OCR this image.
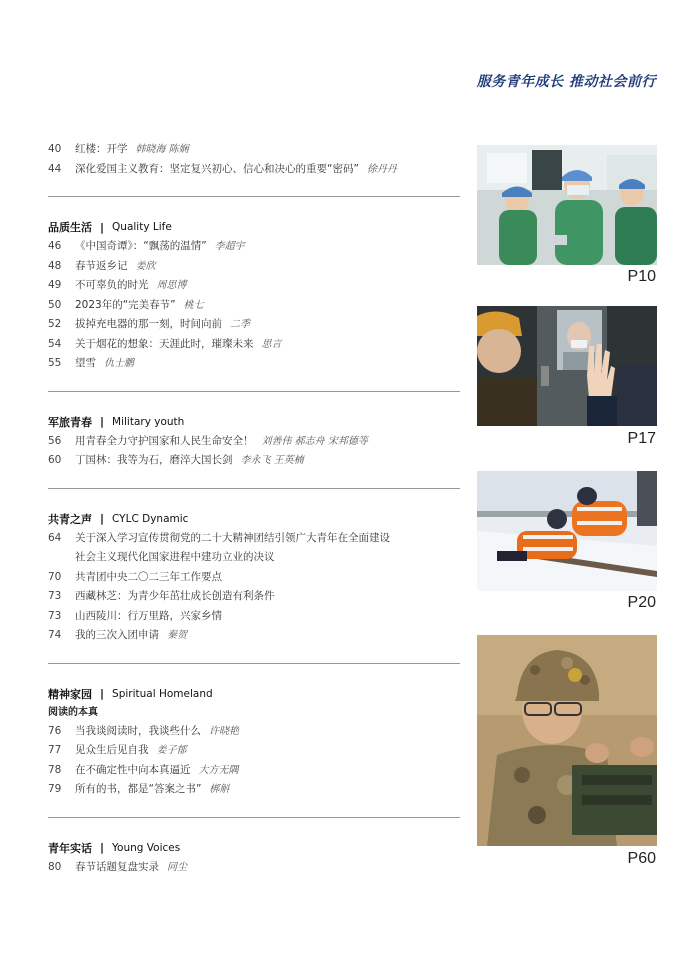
服务青年成长 推动社会前行
40	红楼：开学 韩晓海 陈娴
44	深化爱国主义教育：坚定复兴初心、信心和决心的重要“密码” 徐丹丹
品质生活 | Quality Life
46	《中国奇谭》：“飘荡的温情” 李超宇
48	春节返乡记 姜欣
49	不可辜负的时光 周思博
50	2023年的“完美春节” 桃七
52	拔掉充电器的那一刻，时间向前 二季
54	关于烟花的想象：天涯此时，璀璨未来 思言
55	望雪 仇士鹏
军旅青春 | Military youth
56	用青春全力守护国家和人民生命安全！ 刘善伟 郝志舟 宋邦德等
60	丁国林：我等为石，磨淬大国长剑 李永飞 王英楠
共青之声 | CYLC Dynamic
64	关于深入学习宣传贯彻党的二十大精神团结引领广大青年在全面建设
社会主义现代化国家进程中建功立业的决议
70	共青团中央二〇二三年工作要点
73	西藏林芝：为青少年茁壮成长创造有利条件
73	山西陵川：行万里路，兴家乡情
74	我的三次入团申请 秦贺
精神家园 | Spiritual Homeland
阅读的本真
76	当我谈阅读时，我谈些什么 许晓艳
77	见众生后见自我 姜子郁
78	在不确定性中向本真逼近 大方无隅
79	所有的书，都是“答案之书” 梆斛
青年实话 | Young Voices
80	春节话题复盘实录 同尘
P10
P17
P20
P60
